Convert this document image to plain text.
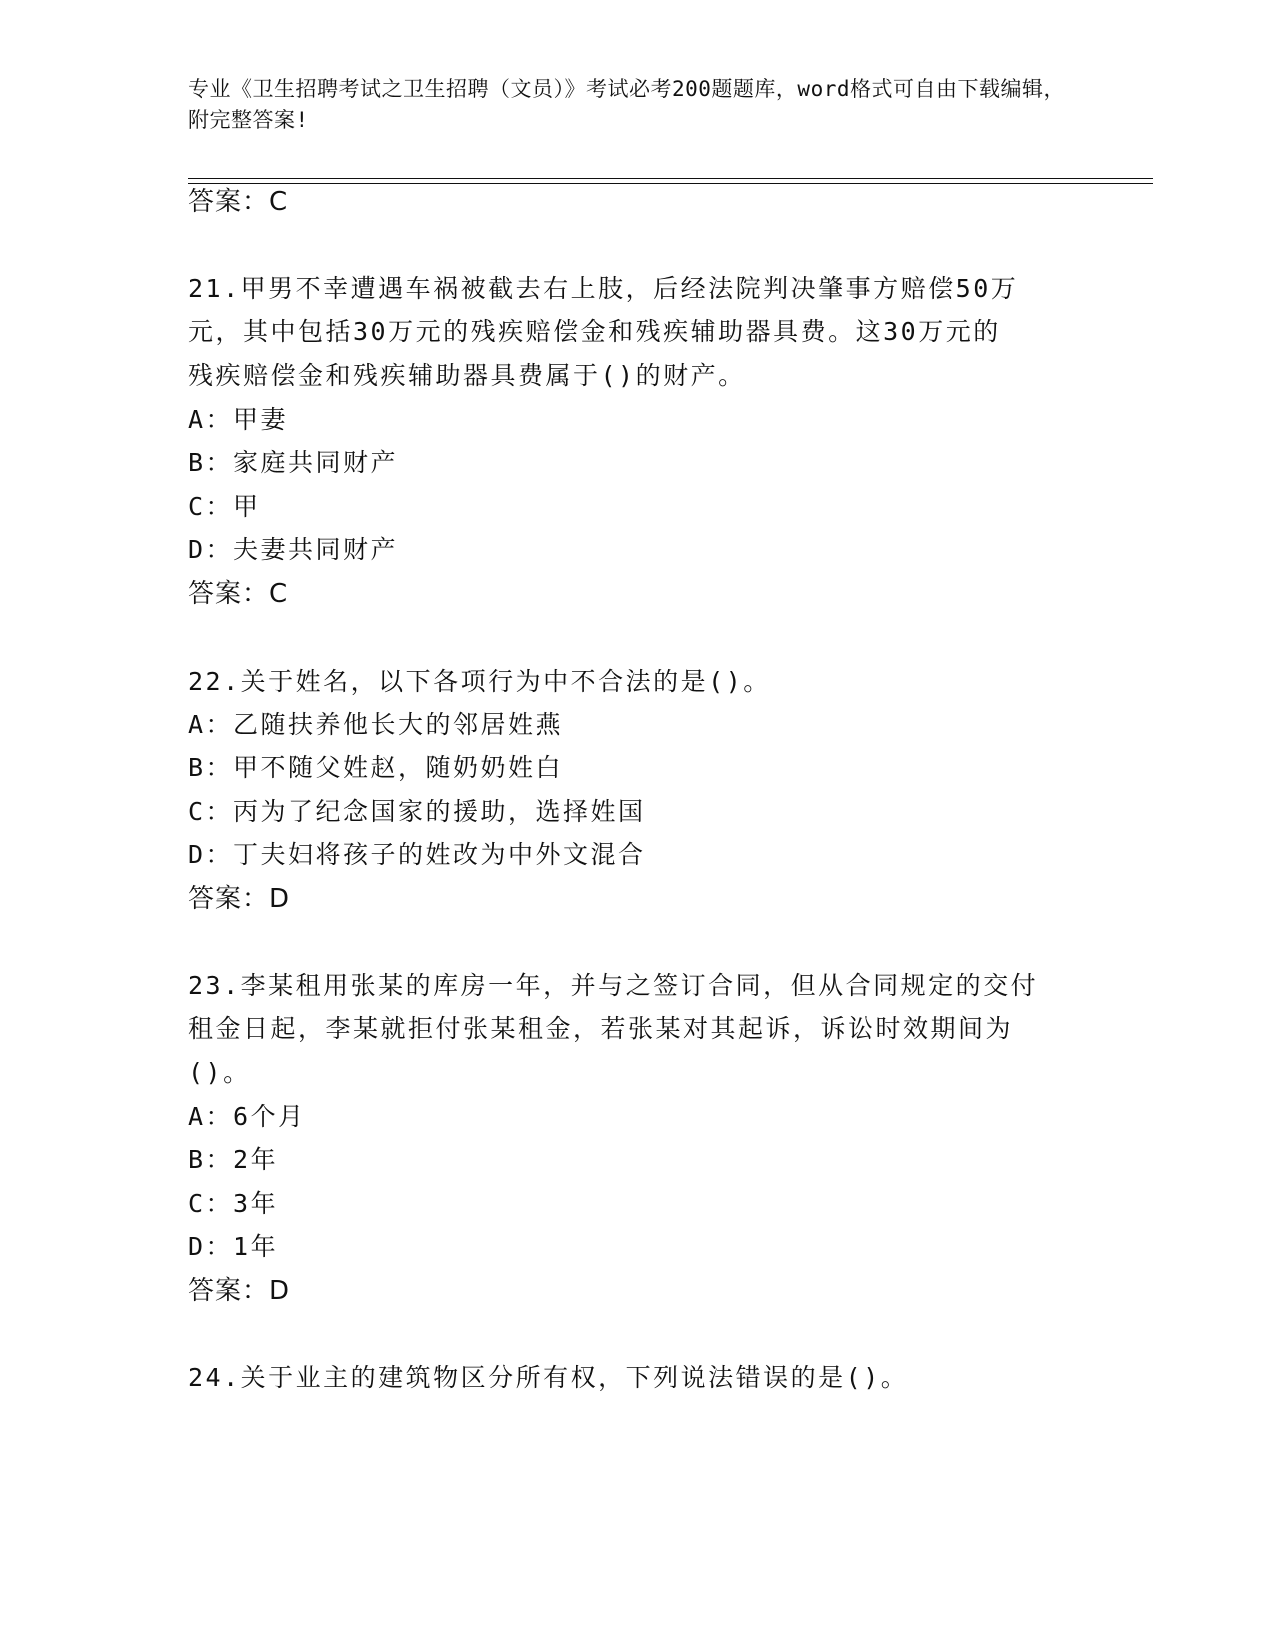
专业《卫生招聘考试之卫生招聘（文员）》考试必考200题题库，word格式可自由下载编辑，附完整答案!
答案：C
21.甲男不幸遭遇车祸被截去右上肢，后经法院判决肇事方赔偿50万
元，其中包括30万元的残疾赔偿金和残疾辅助器具费。这30万元的
残疾赔偿金和残疾辅助器具费属于()的财产。
A：甲妻
B：家庭共同财产
C：甲
D：夫妻共同财产
答案：C
22.关于姓名，以下各项行为中不合法的是()。
A：乙随扶养他长大的邻居姓燕
B：甲不随父姓赵，随奶奶姓白
C：丙为了纪念国家的援助，选择姓国
D：丁夫妇将孩子的姓改为中外文混合
答案：D
23.李某租用张某的库房一年，并与之签订合同，但从合同规定的交付
租金日起，李某就拒付张某租金，若张某对其起诉，诉讼时效期间为
()。
A：6个月
B：2年
C：3年
D：1年
答案：D
24.关于业主的建筑物区分所有权，下列说法错误的是()。
